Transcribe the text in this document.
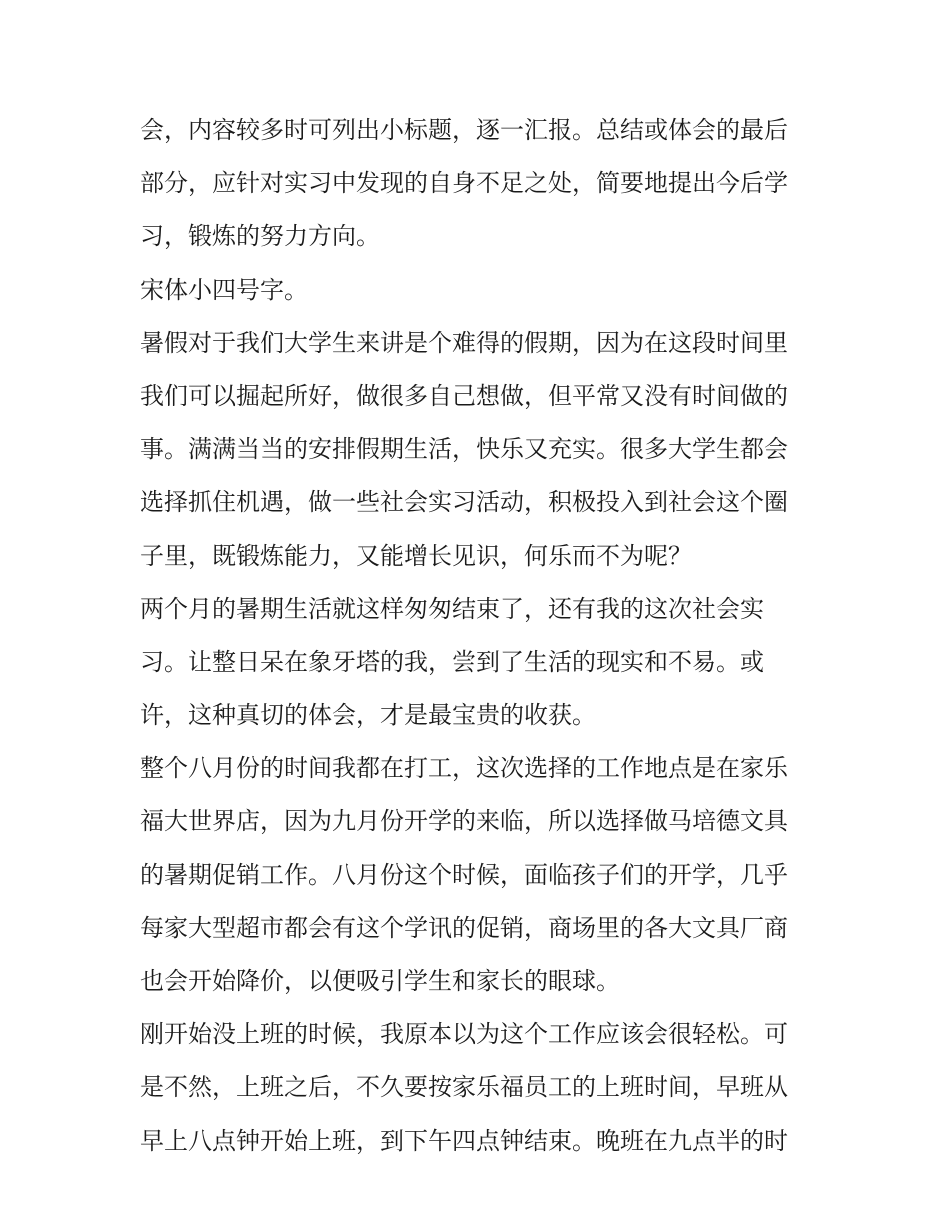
会，内容较多时可列出小标题，逐一汇报。总结或体会的最后
部分，应针对实习中发现的自身不足之处，简要地提出今后学
习，锻炼的努力方向。
宋体小四号字。
暑假对于我们大学生来讲是个难得的假期，因为在这段时间里
我们可以掘起所好，做很多自己想做，但平常又没有时间做的
事。满满当当的安排假期生活，快乐又充实。很多大学生都会
选择抓住机遇，做一些社会实习活动，积极投入到社会这个圈
子里，既锻炼能力，又能增长见识，何乐而不为呢？
两个月的暑期生活就这样匆匆结束了，还有我的这次社会实
习。让整日呆在象牙塔的我，尝到了生活的现实和不易。或
许，这种真切的体会，才是最宝贵的收获。
整个八月份的时间我都在打工，这次选择的工作地点是在家乐
福大世界店，因为九月份开学的来临，所以选择做马培德文具
的暑期促销工作。八月份这个时候，面临孩子们的开学，几乎
每家大型超市都会有这个学讯的促销，商场里的各大文具厂商
也会开始降价，以便吸引学生和家长的眼球。
刚开始没上班的时候，我原本以为这个工作应该会很轻松。可
是不然，上班之后，不久要按家乐福员工的上班时间，早班从
早上八点钟开始上班，到下午四点钟结束。晚班在九点半的时
